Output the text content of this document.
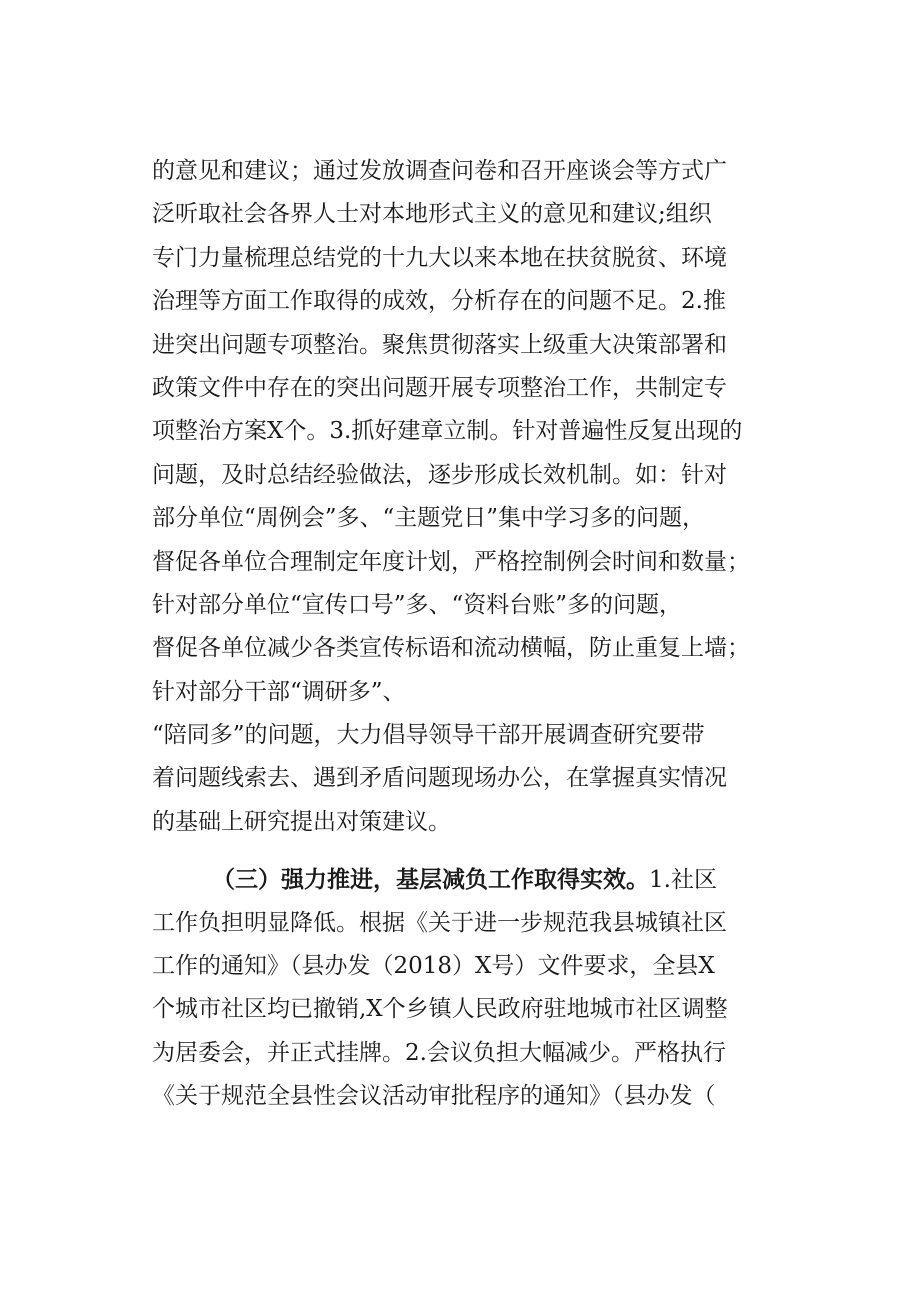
的意见和建议；通过发放调查问卷和召开座谈会等方式广
泛听取社会各界人士对本地形式主义的意见和建议;组织
专门力量梳理总结党的十九大以来本地在扶贫脱贫、环境
治理等方面工作取得的成效，分析存在的问题不足。2.推
进突出问题专项整治。聚焦贯彻落实上级重大决策部署和
政策文件中存在的突出问题开展专项整治工作，共制定专
项整治方案X个。3.抓好建章立制。针对普遍性反复出现的
问题，及时总结经验做法，逐步形成长效机制。如：针对
部分单位“周例会”多、“主题党日”集中学习多的问题，
督促各单位合理制定年度计划，严格控制例会时间和数量；
针对部分单位“宣传口号”多、“资料台账”多的问题，
督促各单位减少各类宣传标语和流动横幅，防止重复上墙；
针对部分干部“调研多”、
“陪同多”的问题，大力倡导领导干部开展调查研究要带
着问题线索去、遇到矛盾问题现场办公，在掌握真实情况
的基础上研究提出对策建议。
（三）强力推进，基层减负工作取得实效。1.社区
工作负担明显降低。根据《关于进一步规范我县城镇社区
工作的通知》（县办发（2018）X号）文件要求，全县X
个城市社区均已撤销,X个乡镇人民政府驻地城市社区调整
为居委会，并正式挂牌。2.会议负担大幅减少。严格执行
《关于规范全县性会议活动审批程序的通知》（县办发（
